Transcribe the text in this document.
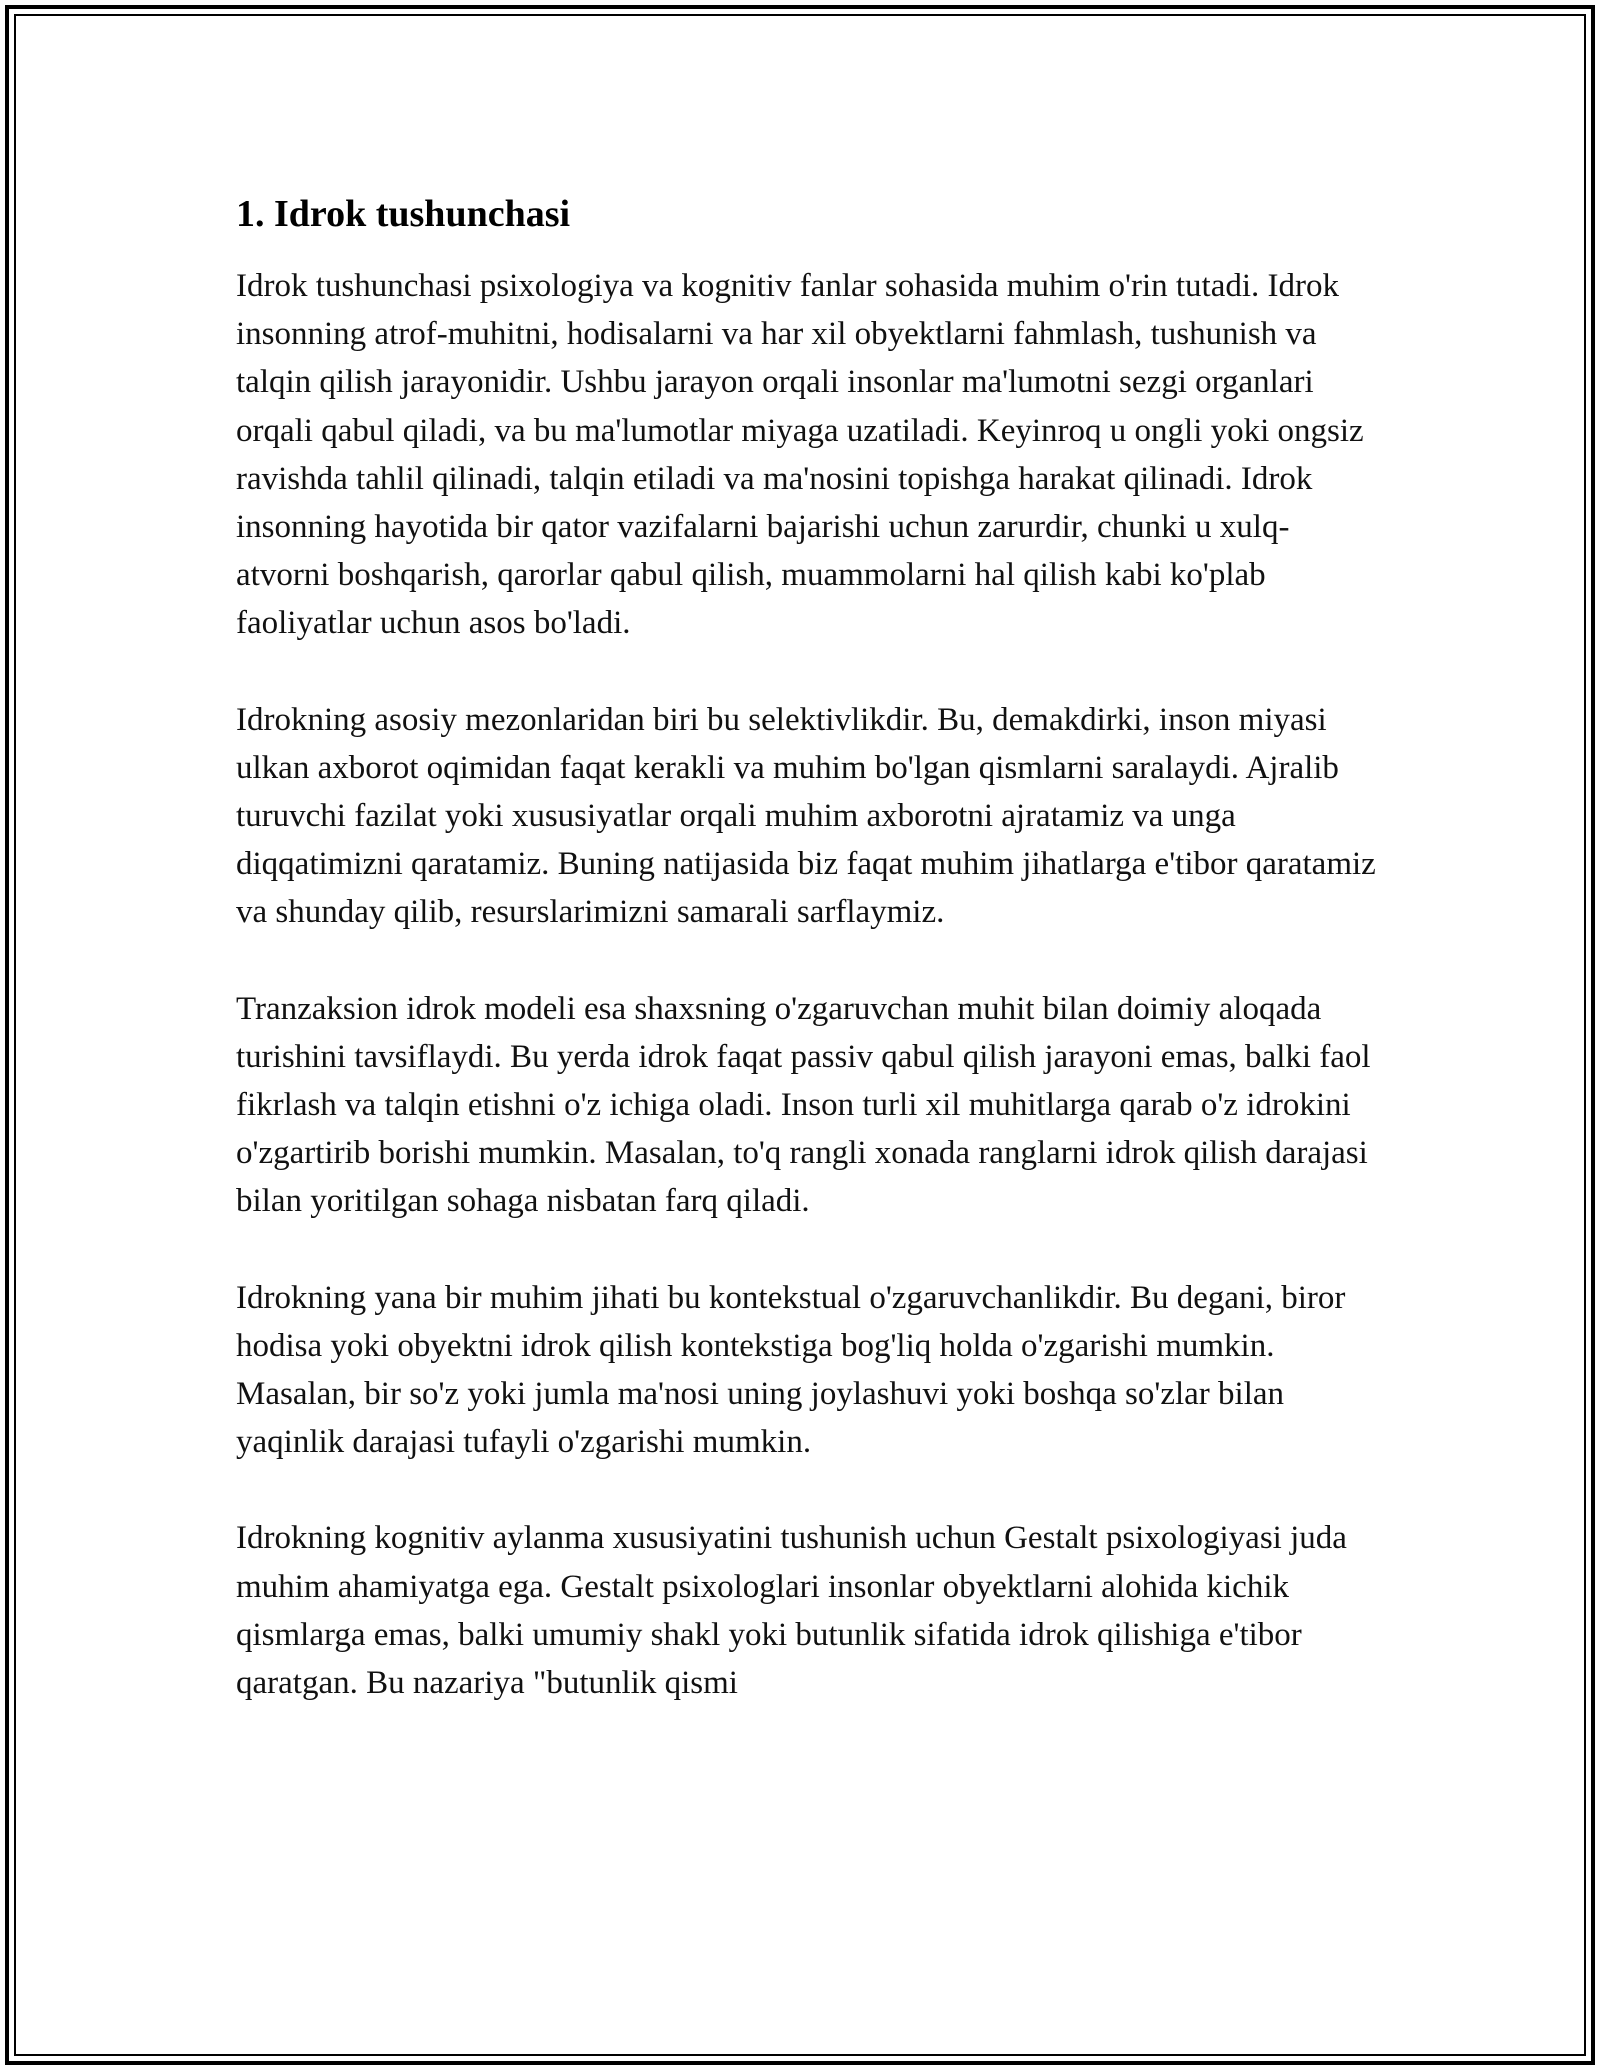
1. Idrok tushunchasi

Idrok tushunchasi psixologiya va kognitiv fanlar sohasida muhim o'rin tutadi. Idrok insonning atrof-muhitni, hodisalarni va har xil obyektlarni fahmlash, tushunish va talqin qilish jarayonidir. Ushbu jarayon orqali insonlar ma'lumotni sezgi organlari orqali qabul qiladi, va bu ma'lumotlar miyaga uzatiladi. Keyinroq u ongli yoki ongsiz ravishda tahlil qilinadi, talqin etiladi va ma'nosini topishga harakat qilinadi. Idrok insonning hayotida bir qator vazifalarni bajarishi uchun zarurdir, chunki u xulq-atvorni boshqarish, qarorlar qabul qilish, muammolarni hal qilish kabi ko'plab faoliyatlar uchun asos bo'ladi.

Idrokning asosiy mezonlaridan biri bu selektivlikdir. Bu, demakdirki, inson miyasi ulkan axborot oqimidan faqat kerakli va muhim bo'lgan qismlarni saralaydi. Ajralib turuvchi fazilat yoki xususiyatlar orqali muhim axborotni ajratamiz va unga diqqatimizni qaratamiz. Buning natijasida biz faqat muhim jihatlarga e'tibor qaratamiz va shunday qilib, resurslarimizni samarali sarflaymiz.

Tranzaksion idrok modeli esa shaxsning o'zgaruvchan muhit bilan doimiy aloqada turishini tavsiflaydi. Bu yerda idrok faqat passiv qabul qilish jarayoni emas, balki faol fikrlash va talqin etishni o'z ichiga oladi. Inson turli xil muhitlarga qarab o'z idrokini o'zgartirib borishi mumkin. Masalan, to'q rangli xonada ranglarni idrok qilish darajasi bilan yoritilgan sohaga nisbatan farq qiladi.

Idrokning yana bir muhim jihati bu kontekstual o'zgaruvchanlikdir. Bu degani, biror hodisa yoki obyektni idrok qilish kontekstiga bog'liq holda o'zgarishi mumkin. Masalan, bir so'z yoki jumla ma'nosi uning joylashuvi yoki boshqa so'zlar bilan yaqinlik darajasi tufayli o'zgarishi mumkin.

Idrokning kognitiv aylanma xususiyatini tushunish uchun Gestalt psixologiyasi juda muhim ahamiyatga ega. Gestalt psixologlari insonlar obyektlarni alohida kichik qismlarga emas, balki umumiy shakl yoki butunlik sifatida idrok qilishiga e'tibor qaratgan. Bu nazariya "butunlik qismi
